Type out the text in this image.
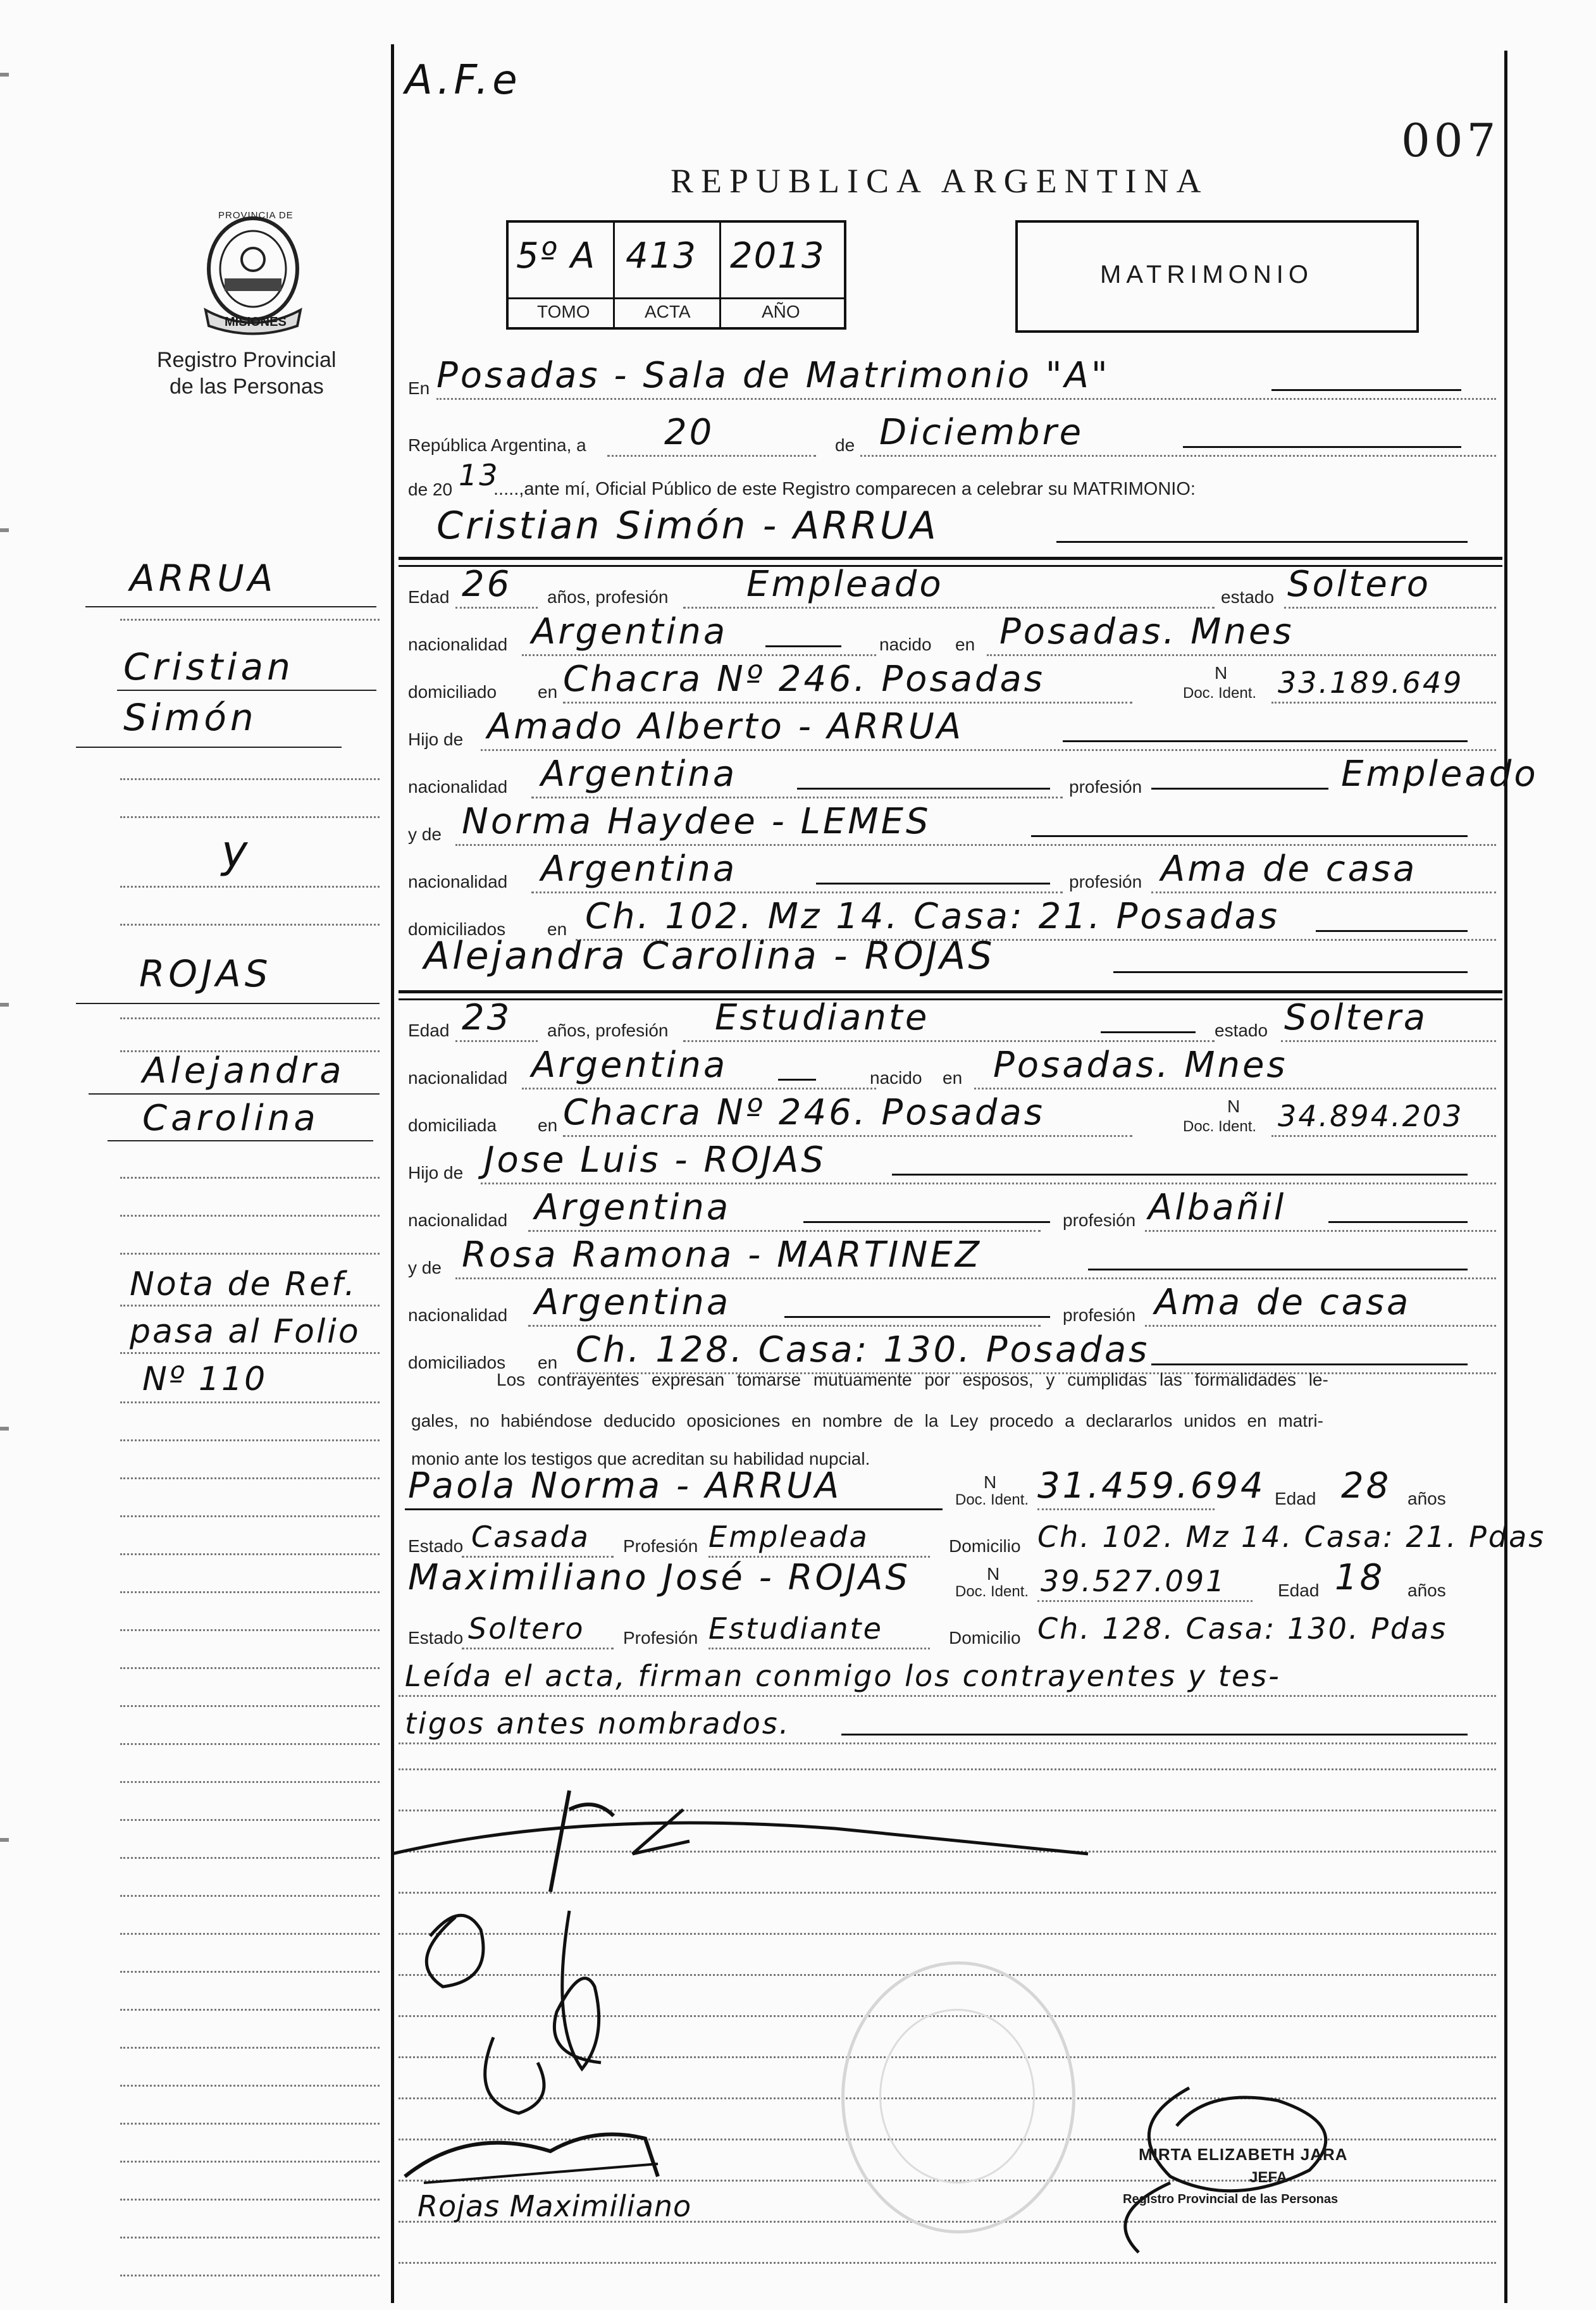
A.F.e
007
REPUBLICA ARGENTINA
PROVINCIA DE
MISIONES
Registro Provincial
de las Personas
5º A 413 2013
TOMO	ACTA	AÑO
MATRIMONIO
En Posadas - Sala de Matrimonio "A"
República Argentina, a 20	de Diciembre
de 20 13
.....,ante mí, Oficial Público de este Registro comparecen a celebrar su MATRIMONIO:
Cristian Simón - ARRUA
Edad 26 años, profesión Empleado	estado Soltero
nacionalidad Argentina	nacido en Posadas. Mnes
domiciliado en Chacra Nº 246. Posadas	N
Doc. Ident. 33.189.649
Hijo de Amado Alberto - ARRUA
nacionalidad Argentina	profesión	Empleado
y de Norma Haydee - LEMES
nacionalidad Argentina	profesión Ama de casa
domiciliados en Ch. 102. Mz 14. Casa: 21. Posadas
Alejandra Carolina - ROJAS
Edad 23 años, profesión Estudiante	estado Soltera
nacionalidad Argentina	nacido en Posadas. Mnes
domiciliada en Chacra Nº 246. Posadas	N
Doc. Ident. 34.894.203
Hijo de Jose Luis - ROJAS
nacionalidad Argentina	profesión Albañil
y de Rosa Ramona - MARTINEZ
nacionalidad Argentina	profesión Ama de casa
domiciliados en Ch. 128. Casa: 130. Posadas
Los contrayentes expresan tomarse mutuamente por esposos, y cumplidas las formalidades le-
gales, no habiéndose deducido oposiciones en nombre de la Ley procedo a declararlos unidos en matri-
monio ante los testigos que acreditan su habilidad nupcial.
Paola Norma - ARRUA	N
Doc. Ident. 31.459.694 Edad 28 años
Estado Casada Profesión Empleada	Domicilio Ch. 102. Mz 14. Casa: 21. Pdas
Maximiliano José - ROJAS	N
Doc. Ident. 39.527.091	Edad 18 años
Estado Soltero Profesión Estudiante	Domicilio Ch. 128. Casa: 130. Pdas
Leída el acta, firman conmigo los contrayentes y tes-
tigos antes nombrados.
Rojas Maximiliano
MIRTA ELIZABETH JARA
JEFA
Registro Provincial de las Personas
ARRUA
Cristian
Simón
y
ROJAS
Alejandra
Carolina
Nota de Ref.
pasa al Folio
Nº 110
